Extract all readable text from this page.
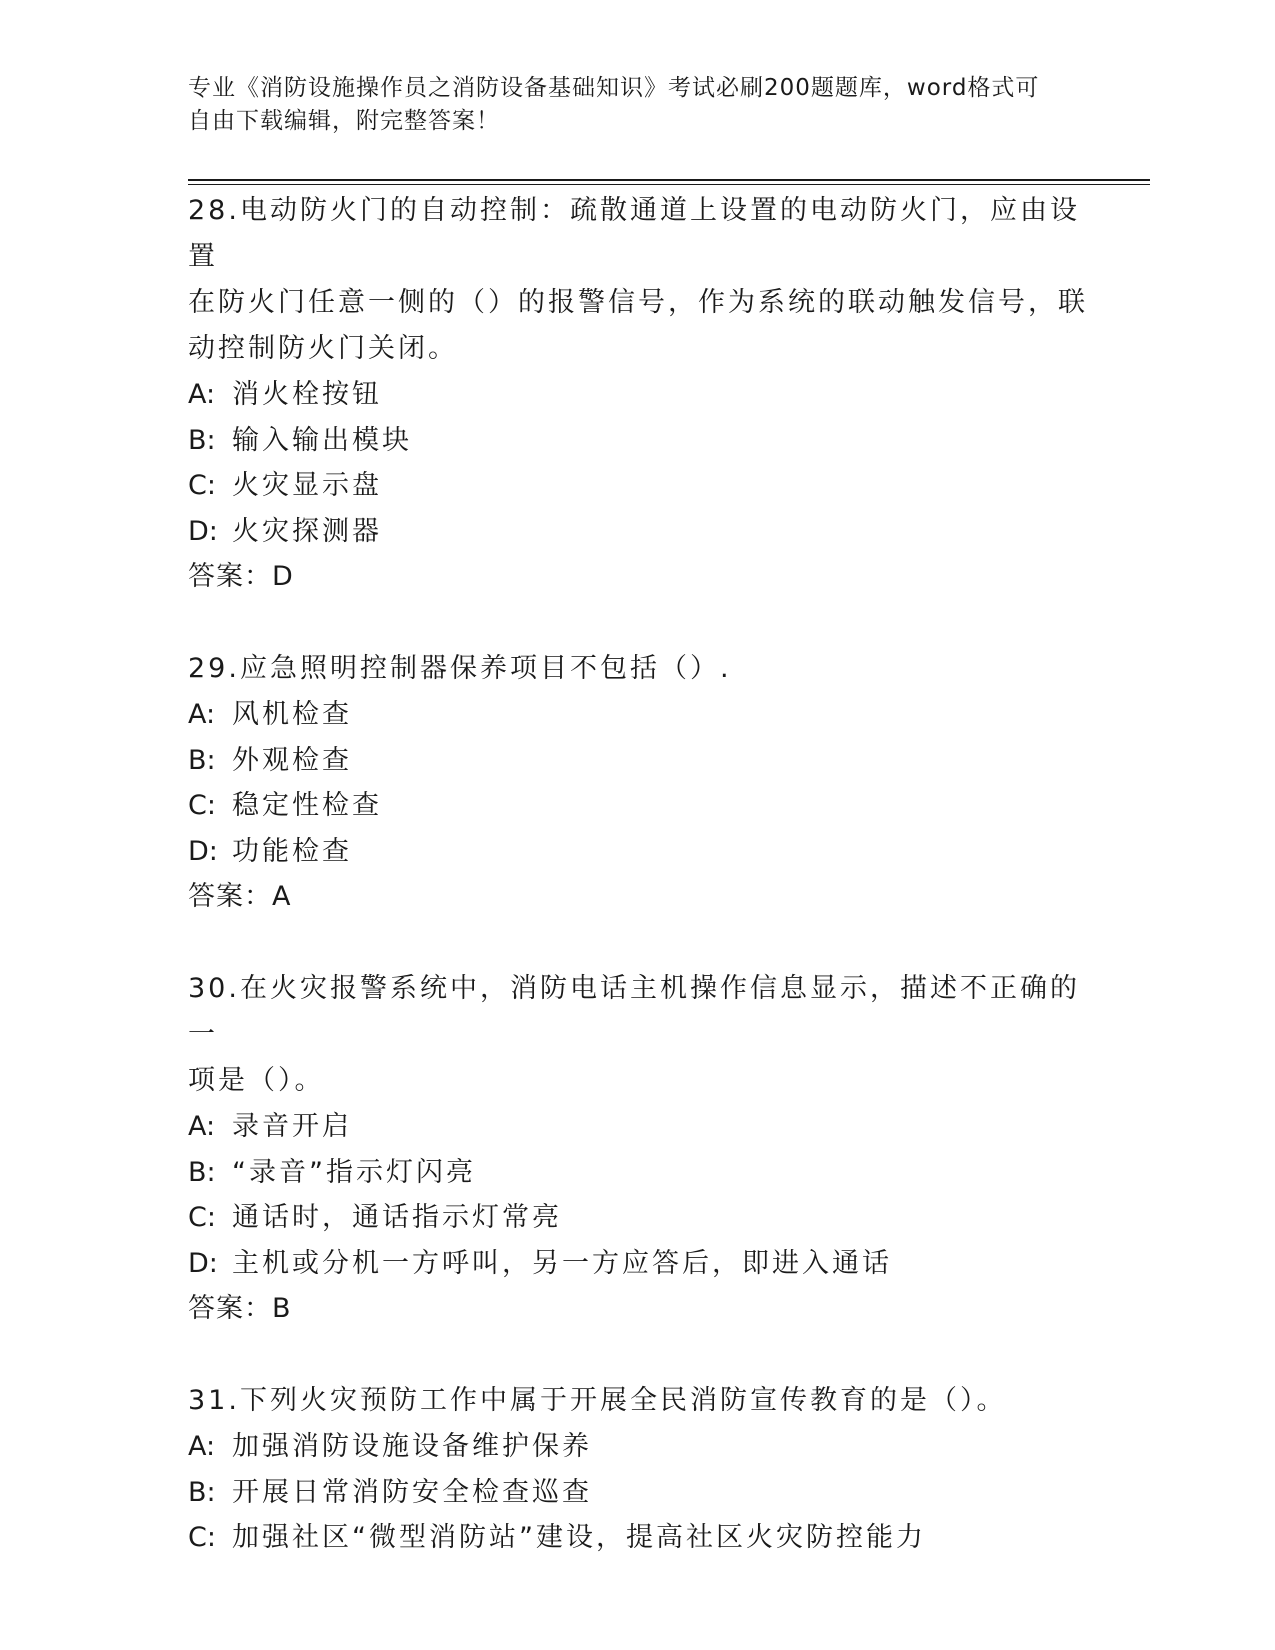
专业《消防设施操作员之消防设备基础知识》考试必刷200题题库，word格式可
自由下载编辑，附完整答案！
28.电动防火门的自动控制：疏散通道上设置的电动防火门，应由设置
在防火门任意一侧的（）的报警信号，作为系统的联动触发信号，联
动控制防火门关闭。
A: 消火栓按钮
B: 输入输出模块
C: 火灾显示盘
D: 火灾探测器
答案：D
29.应急照明控制器保养项目不包括（）.
A: 风机检查
B: 外观检查
C: 稳定性检查
D: 功能检查
答案：A
30.在火灾报警系统中，消防电话主机操作信息显示，描述不正确的一
项是（）。
A: 录音开启
B: “录音”指示灯闪亮
C: 通话时，通话指示灯常亮
D: 主机或分机一方呼叫，另一方应答后，即进入通话
答案：B
31.下列火灾预防工作中属于开展全民消防宣传教育的是（）。
A: 加强消防设施设备维护保养
B: 开展日常消防安全检查巡查
C: 加强社区“微型消防站”建设，提高社区火灾防控能力
